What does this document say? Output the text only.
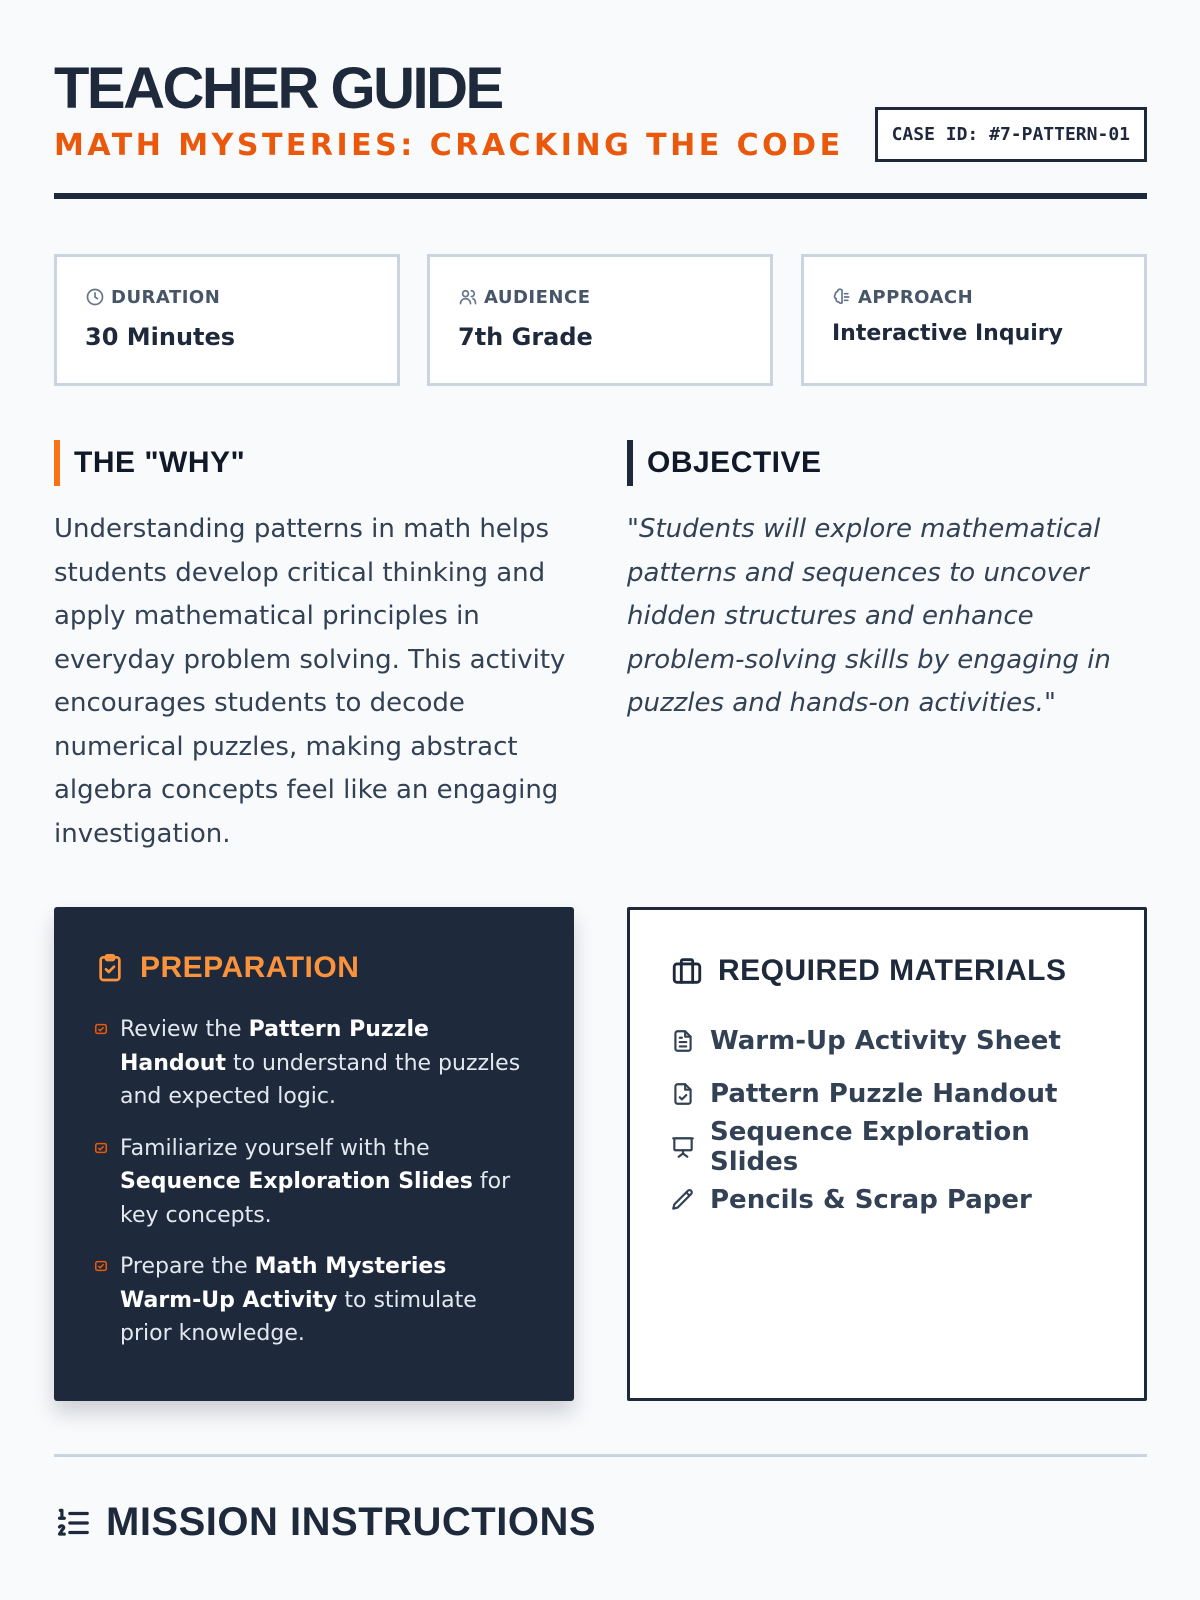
TEACHER GUIDE
MATH MYSTERIES: CRACKING THE CODE	CASE ID: #7-PATTERN-01
DURATION
30 Minutes
AUDIENCE
7th Grade
APPROACH
Interactive Inquiry
THE "WHY"
Understanding patterns in math helps students develop critical thinking and apply mathematical principles in everyday problem solving. This activity encourages students to decode numerical puzzles, making abstract algebra concepts feel like an engaging investigation.
OBJECTIVE
"Students will explore mathematical patterns and sequences to uncover hidden structures and enhance problem-solving skills by engaging in puzzles and hands-on activities."
PREPARATION
Review the Pattern Puzzle Handout to understand the puzzles and expected logic.
Familiarize yourself with the Sequence Exploration Slides for key concepts.
Prepare the Math Mysteries Warm-Up Activity to stimulate prior knowledge.
REQUIRED MATERIALS
Warm-Up Activity Sheet
Pattern Puzzle Handout
Sequence Exploration Slides
Pencils & Scrap Paper
MISSION INSTRUCTIONS
